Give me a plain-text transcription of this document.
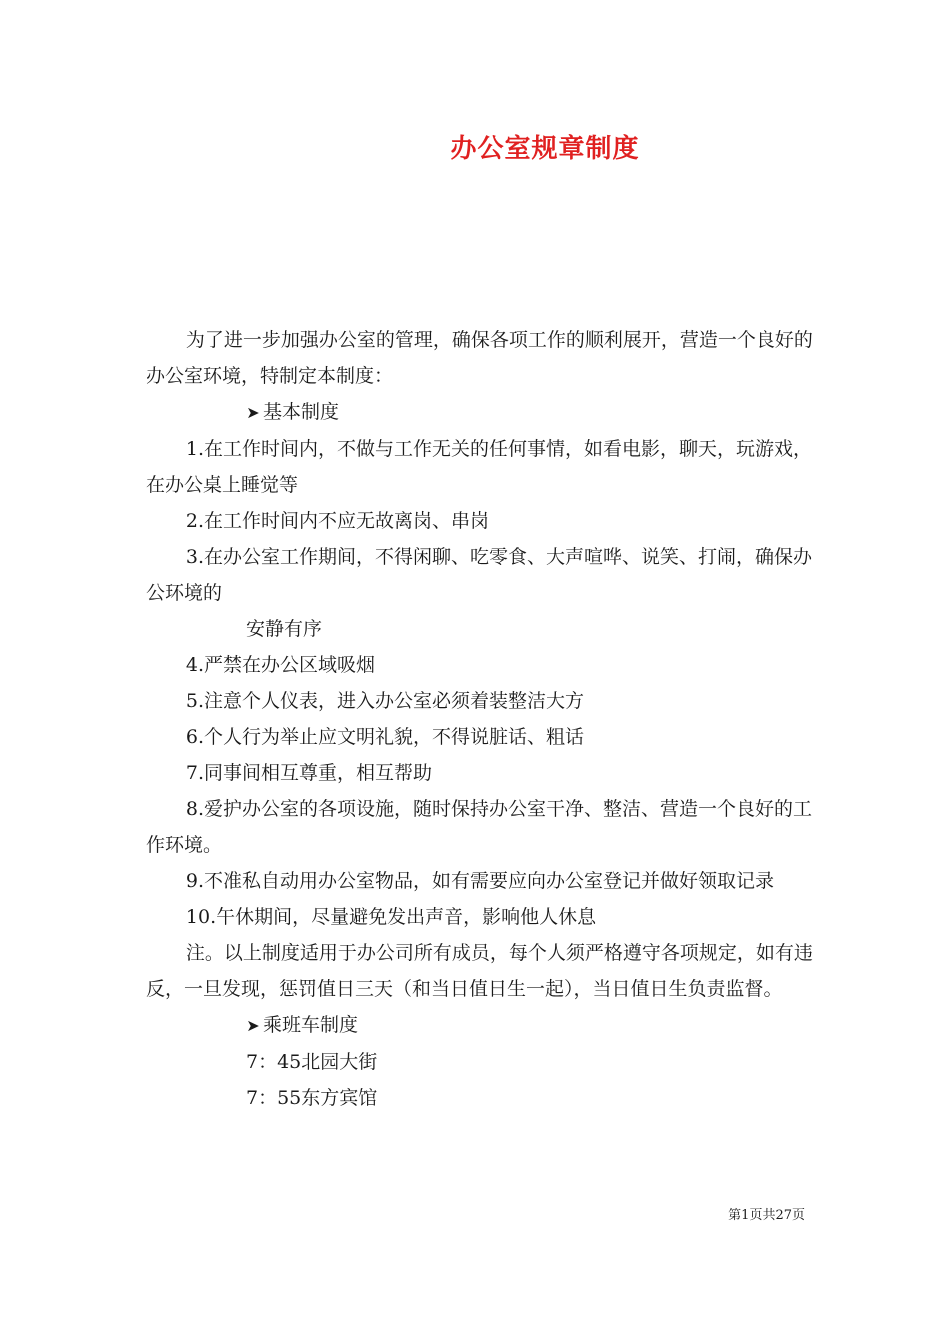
办公室规章制度

为了进一步加强办公室的管理，确保各项工作的顺利展开，营造一个良好的办公室环境，特制定本制度：

➤ 基本制度

1.在工作时间内，不做与工作无关的任何事情，如看电影，聊天，玩游戏，在办公桌上睡觉等

2.在工作时间内不应无故离岗、串岗

3.在办公室工作期间，不得闲聊、吃零食、大声喧哗、说笑、打闹，确保办公环境的

安静有序

4.严禁在办公区域吸烟

5.注意个人仪表，进入办公室必须着装整洁大方

6.个人行为举止应文明礼貌，不得说脏话、粗话

7.同事间相互尊重，相互帮助

8.爱护办公室的各项设施，随时保持办公室干净、整洁、营造一个良好的工作环境。

9.不准私自动用办公室物品，如有需要应向办公室登记并做好领取记录

10.午休期间，尽量避免发出声音，影响他人休息

注。以上制度适用于办公司所有成员，每个人须严格遵守各项规定，如有违反，一旦发现，惩罚值日三天（和当日值日生一起），当日值日生负责监督。

➤ 乘班车制度

7：45北园大街

7：55东方宾馆

第1页共27页
